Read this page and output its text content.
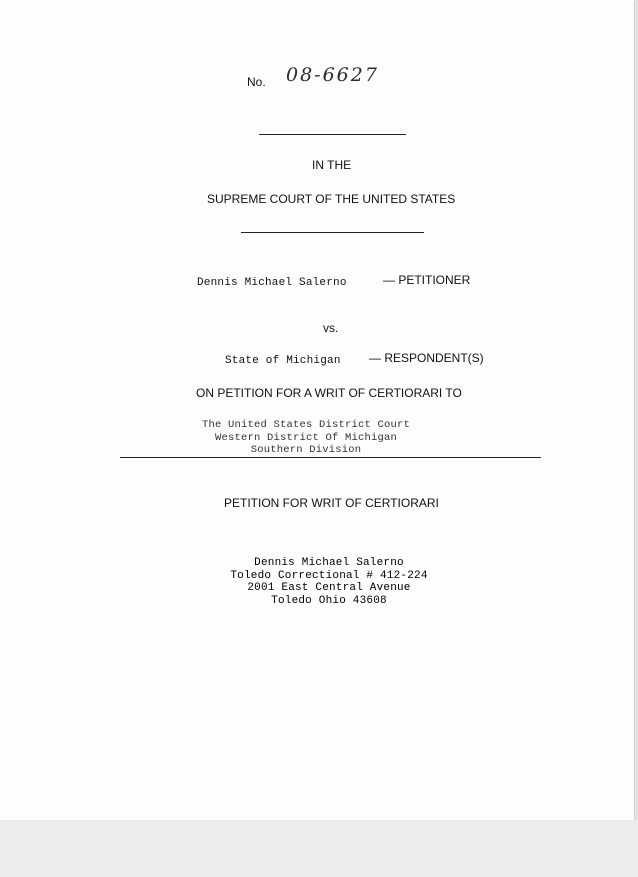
No. 08-6627
IN THE
SUPREME COURT OF THE UNITED STATES
Dennis Michael Salerno	— PETITIONER
vs.
State of Michigan — RESPONDENT(S)
ON PETITION FOR A WRIT OF CERTIORARI TO
The United States District Court
Western District Of Michigan
Southern Division
PETITION FOR WRIT OF CERTIORARI
Dennis Michael Salerno
Toledo Correctional # 412-224
2001 East Central Avenue
Toledo Ohio 43608
